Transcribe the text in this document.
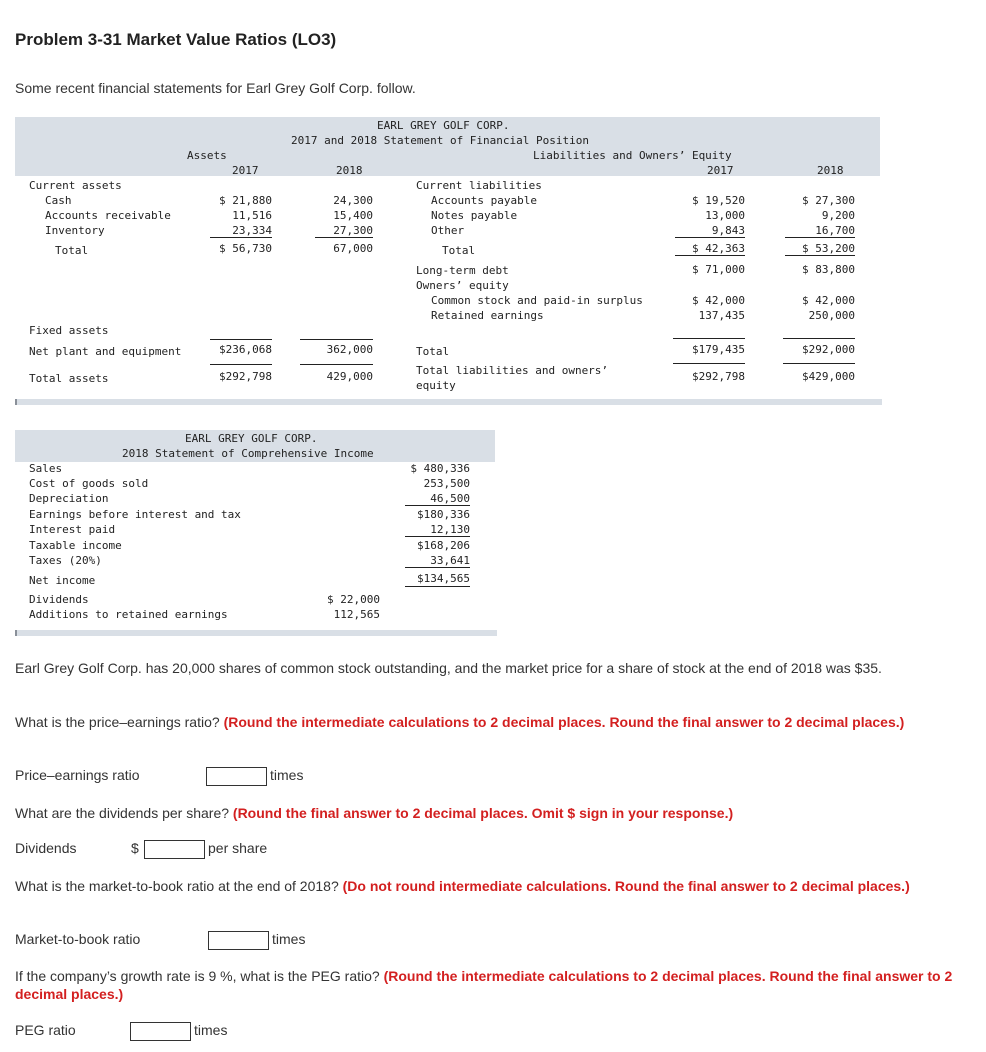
Problem 3-31 Market Value Ratios (LO3)
Some recent financial statements for Earl Grey Golf Corp. follow.
EARL GREY GOLF CORP.
2017 and 2018 Statement of Financial Position
Assets	Liabilities and Owners’ Equity
2017	2018	2017	2018
Current assets
Cash	$ 21,880	24,300
Accounts receivable	11,516	15,400
Inventory	23,334	27,300
Total	$ 56,730	67,000
Fixed assets
Net plant and equipment	$236,068	362,000
Total assets	$292,798	429,000
Current liabilities
Accounts payable	$ 19,520	$ 27,300
Notes payable	13,000	9,200
Other	9,843	16,700
Total	$ 42,363	$ 53,200
Long-term debt	$ 71,000	$ 83,800
Owners’ equity
Common stock and paid-in surplus	$ 42,000	$ 42,000
Retained earnings	137,435	250,000
Total	$179,435	$292,000
Total liabilities and owners’ equity
$292,798	$429,000
EARL GREY GOLF CORP.
2018 Statement of Comprehensive Income
Sales	$ 480,336
Cost of goods sold	253,500
Depreciation	46,500
Earnings before interest and tax	$180,336
Interest paid	12,130
Taxable income	$168,206
Taxes (20%)	33,641
Net income	$134,565
Dividends	$ 22,000
Additions to retained earnings	112,565
Earl Grey Golf Corp. has 20,000 shares of common stock outstanding, and the market price for a share of stock at the end of 2018 was $35.
What is the price–earnings ratio? (Round the intermediate calculations to 2 decimal places. Round the final answer to 2 decimal places.)
Price–earnings ratio	times
What are the dividends per share? (Round the final answer to 2 decimal places. Omit $ sign in your response.)
Dividends	$	per share
What is the market-to-book ratio at the end of 2018? (Do not round intermediate calculations. Round the final answer to 2 decimal places.)
Market-to-book ratio	times
If the company’s growth rate is 9 %, what is the PEG ratio? (Round the intermediate calculations to 2 decimal places. Round the final answer to 2 decimal places.)
PEG ratio	times
